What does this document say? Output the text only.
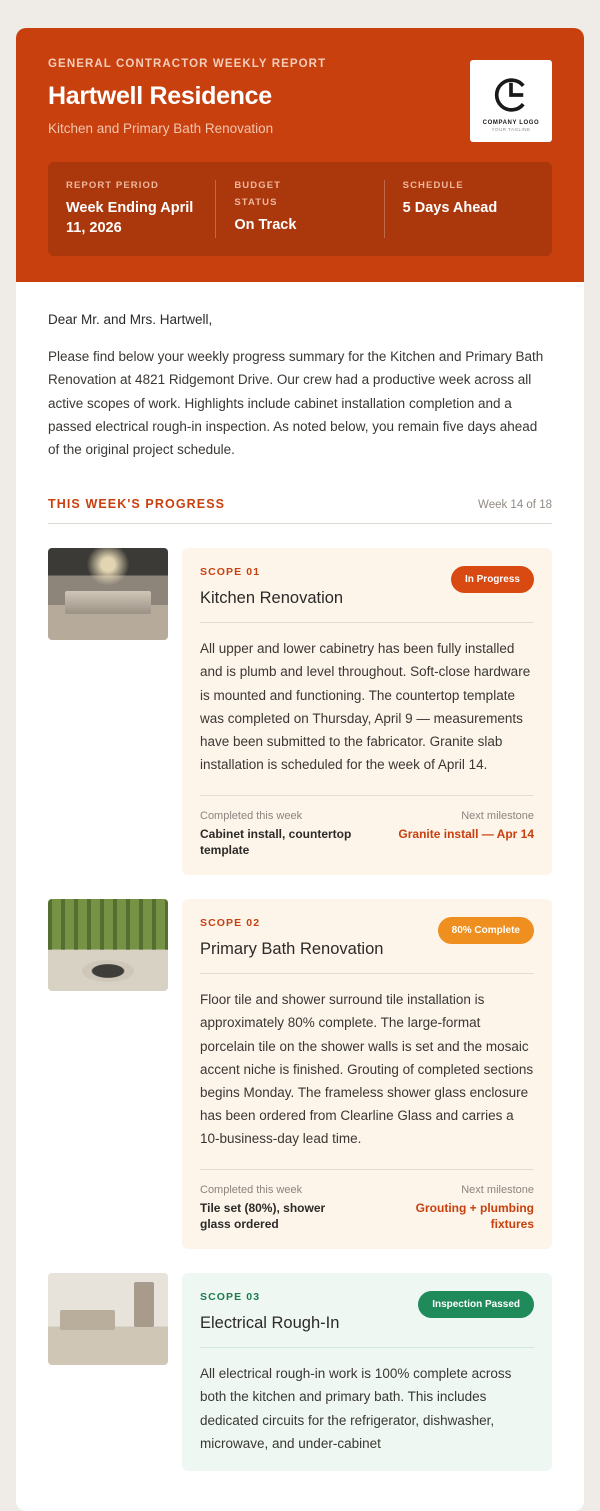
GENERAL CONTRACTOR WEEKLY REPORT
Hartwell Residence
Kitchen and Primary Bath Renovation	COMPANY LOGO
YOUR TAGLINE
REPORT PERIOD
Week Ending April 11, 2026
BUDGET
STATUS
On Track
SCHEDULE
5 Days Ahead
Dear Mr. and Mrs. Hartwell,
Please find below your weekly progress summary for the Kitchen and Primary Bath Renovation at 4821 Ridgemont Drive. Our crew had a productive week across all active scopes of work. Highlights include cabinet installation completion and a passed electrical rough-in inspection. As noted below, you remain five days ahead of the original project schedule.
THIS WEEK'S PROGRESS	Week 14 of 18
SCOPE 01
Kitchen Renovation
In Progress
All upper and lower cabinetry has been fully installed and is plumb and level throughout. Soft-close hardware is mounted and functioning. The countertop template was completed on Thursday, April 9 — measurements have been submitted to the fabricator. Granite slab installation is scheduled for the week of April 14.
Completed this week
Cabinet install, countertop template
Next milestone
Granite install — Apr 14
SCOPE 02
Primary Bath Renovation
80% Complete
Floor tile and shower surround tile installation is approximately 80% complete. The large-format porcelain tile on the shower walls is set and the mosaic accent niche is finished. Grouting of completed sections begins Monday. The frameless shower glass enclosure has been ordered from Clearline Glass and carries a 10-business-day lead time.
Completed this week
Tile set (80%), shower glass ordered
Next milestone
Grouting + plumbing fixtures
SCOPE 03
Electrical Rough-In
Inspection Passed
All electrical rough-in work is 100% complete across both the kitchen and primary bath. This includes dedicated circuits for the refrigerator, dishwasher, microwave, and under-cabinet
